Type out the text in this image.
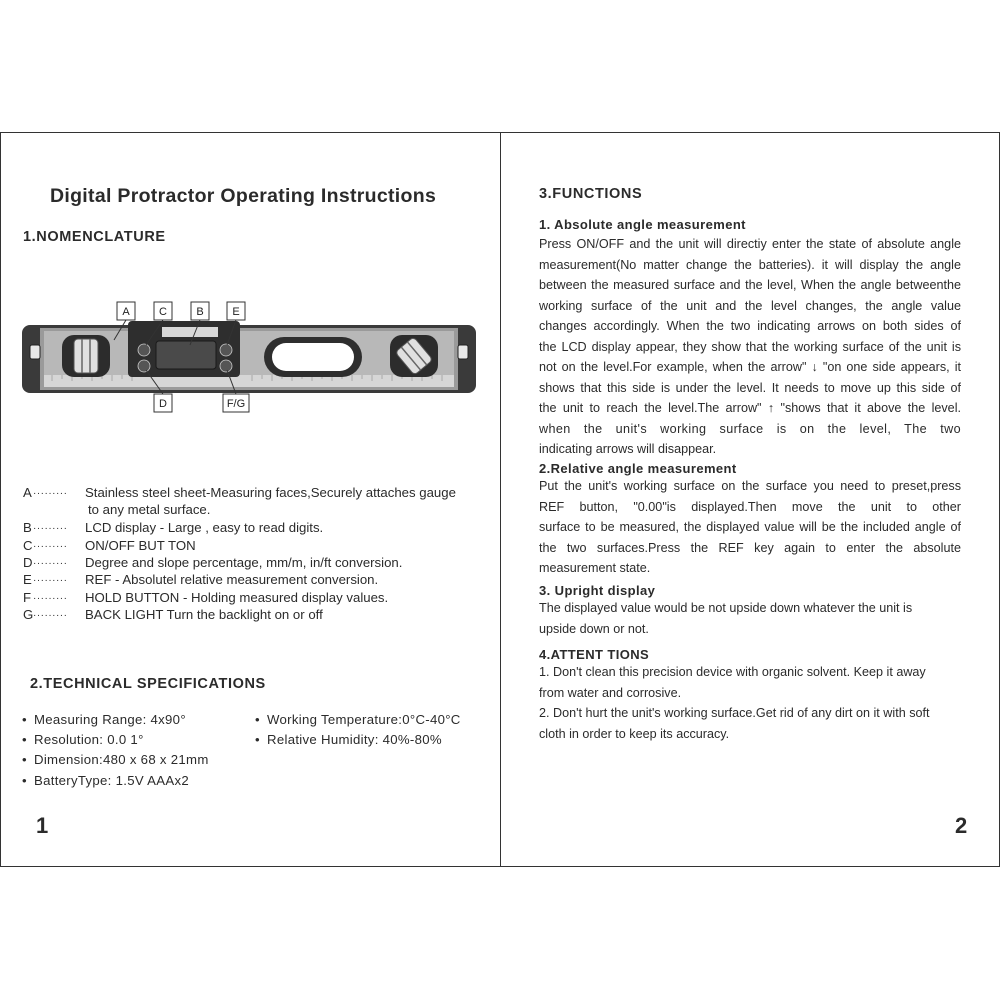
Digital Protractor Operating Instructions
1.NOMENCLATURE
A	C	B	E
D	F/G
A········· Stainless steel sheet-Measuring faces,Securely attaches gauge
to any metal surface.
B········· LCD display - Large , easy to read digits.
C········· ON/OFF BUT TON
D········· Degree and slope percentage, mm/m, in/ft conversion.
E········· REF - Absolutel relative measurement conversion.
F ········· HOLD BUTTON - Holding measured display values.
G········· BACK LIGHT Turn the backlight on or off
2.TECHNICAL SPECIFICATIONS
• Measuring Range: 4x90°
• Resolution: 0.0 1°
• Dimension:480 x 68 x 21mm
• BatteryType: 1.5V AAAx2
• Working Temperature:0°C-40°C
• Relative Humidity: 40%-80%
1
3.FUNCTIONS
1. Absolute angle measurement
Press ON/OFF and the unit will directiy enter the state of absolute angle
measurement(No matter change the batteries). it will display the angle
between the measured surface and the level, When the angle betweenthe
working surface of the unit and the level changes, the angle value
changes accordingly. When the two indicating arrows on both sides of
the LCD display appear, they show that the working surface of the unit is
not on the level.For example, when the arrow" ↓ "on one side appears, it
shows that this side is under the level. It needs to move up this side of
the unit to reach the level.The arrow" ↑ "shows that it above the level.
when the unit's working surface is on the level, The two
indicating arrows will disappear.
2.Relative angle measurement
Put the unit's working surface on the surface you need to preset,press
REF button, "0.00"is displayed.Then move the unit to other
surface to be measured, the displayed value will be the included angle of
the two surfaces.Press the REF key again to enter the absolute
measurement state.
3. Upright display
The displayed value would be not upside down whatever the unit is
upside down or not.
4.ATTENT TIONS
1. Don't clean this precision device with organic solvent. Keep it away
from water and corrosive.
2. Don't hurt the unit's working surface.Get rid of any dirt on it with soft
cloth in order to keep its accuracy.
2
